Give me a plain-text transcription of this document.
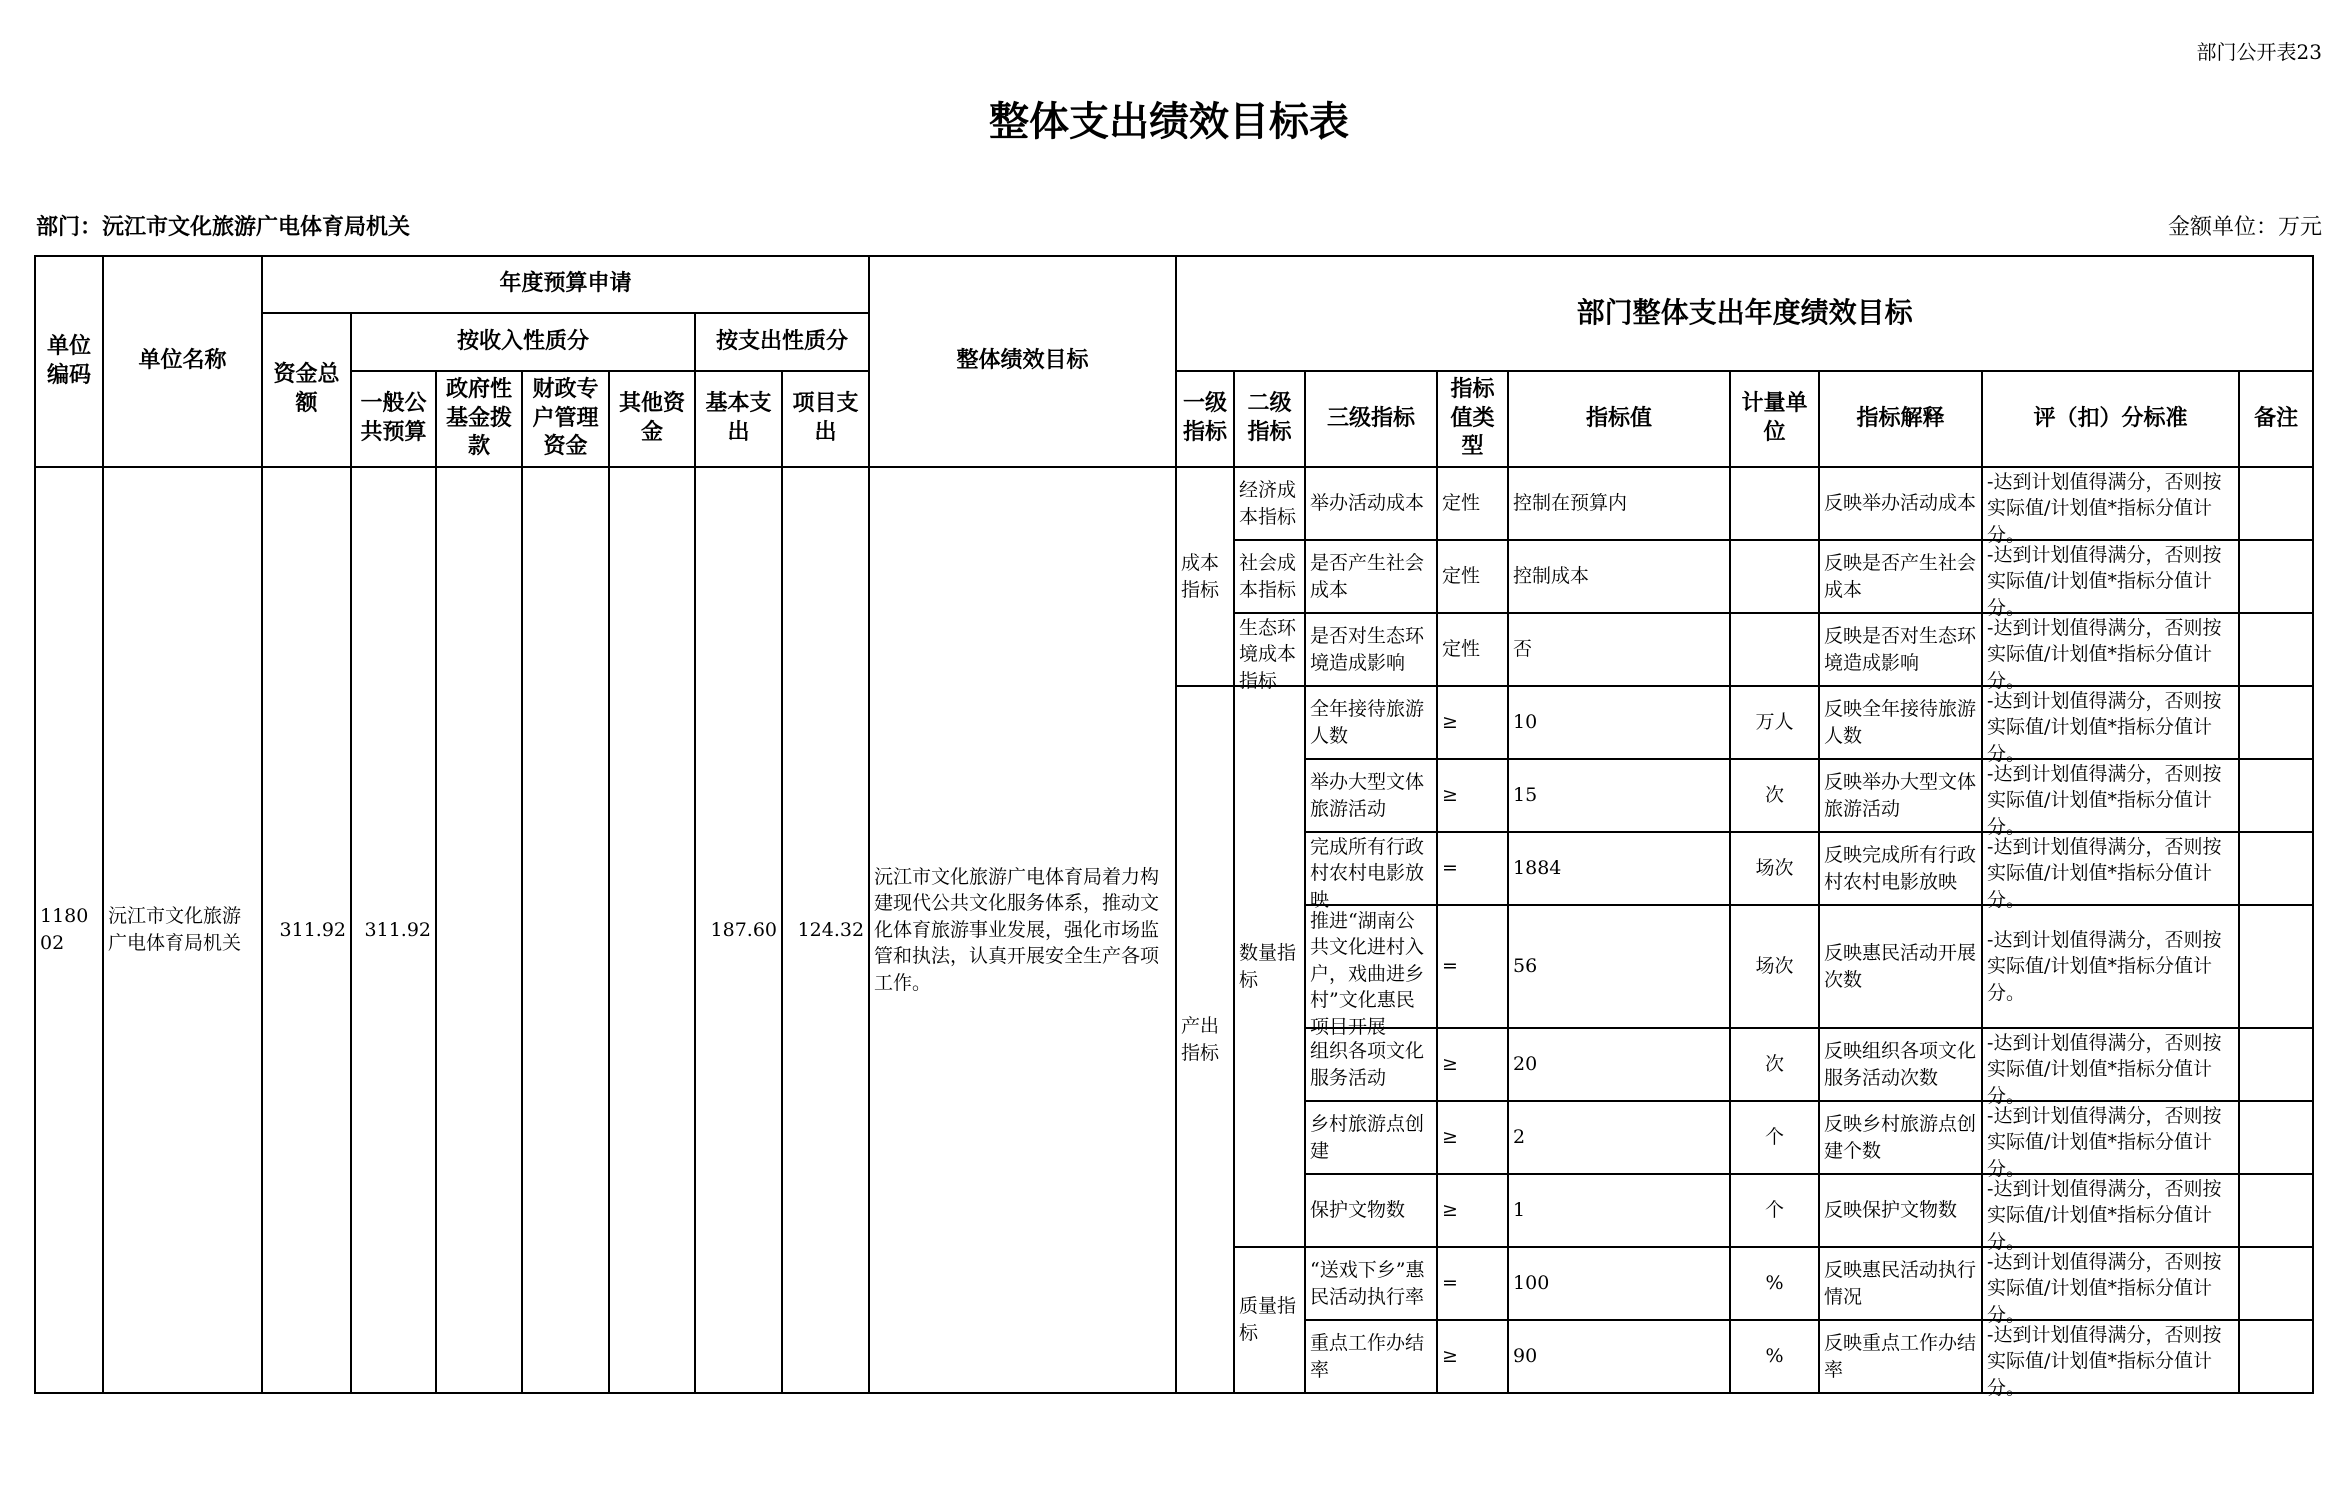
部门公开表23
整体支出绩效目标表
部门：沅江市文化旅游广电体育局机关	金额单位：万元
单位编码	单位名称	年度预算申请							整体绩效目标	部门整体支出年度绩效目标								
		资金总额	按收入性质分				按支出性质分											
			一般公共预算	政府性基金拨款	财政专户管理资金	其他资金	基本支出	项目支出		一级指标	二级指标	三级指标	指标值类型	指标值	计量单位	指标解释	评（扣）分标准	备注
118002	沅江市文化旅游广电体育局机关	311.92	311.92				187.60	124.32	沅江市文化旅游广电体育局着力构建现代公共文化服务体系，推动文化体育旅游事业发展，强化市场监管和执法，认真开展安全生产各项工作。	成本指标	经济成本指标	举办活动成本	定性	控制在预算内		反映举办活动成本	-达到计划值得满分，否则按实际值/计划值*指标分值计分。	

											社会成本指标	是否产生社会成本	定性	控制成本		反映是否产生社会成本	-达到计划值得满分，否则按实际值/计划值*指标分值计分。	

											生态环境成本指标	是否对生态环境造成影响	定性	否		反映是否对生态环境造成影响	-达到计划值得满分，否则按实际值/计划值*指标分值计分。	

										产出指标	数量指标	全年接待旅游人数	≥	10	万人	反映全年接待旅游人数	-达到计划值得满分，否则按实际值/计划值*指标分值计分。	

												举办大型文体旅游活动	≥	15	次	反映举办大型文体旅游活动	-达到计划值得满分，否则按实际值/计划值*指标分值计分。	

												完成所有行政村农村电影放映	=	1884	场次	反映完成所有行政村农村电影放映	-达到计划值得满分，否则按实际值/计划值*指标分值计分。	

												推进“湖南公共文化进村入户，戏曲进乡村”文化惠民项目开展	=	56	场次	反映惠民活动开展次数	-达到计划值得满分，否则按实际值/计划值*指标分值计分。	

												组织各项文化服务活动	≥	20	次	反映组织各项文化服务活动次数	-达到计划值得满分，否则按实际值/计划值*指标分值计分。	

												乡村旅游点创建	≥	2	个	反映乡村旅游点创建个数	-达到计划值得满分，否则按实际值/计划值*指标分值计分。	

												保护文物数	≥	1	个	反映保护文物数	-达到计划值得满分，否则按实际值/计划值*指标分值计分。	

											质量指标	“送戏下乡”惠民活动执行率	=	100	%	反映惠民活动执行情况	-达到计划值得满分，否则按实际值/计划值*指标分值计分。	

												重点工作办结率	≥	90	%	反映重点工作办结率	-达到计划值得满分，否则按实际值/计划值*指标分值计分。	
